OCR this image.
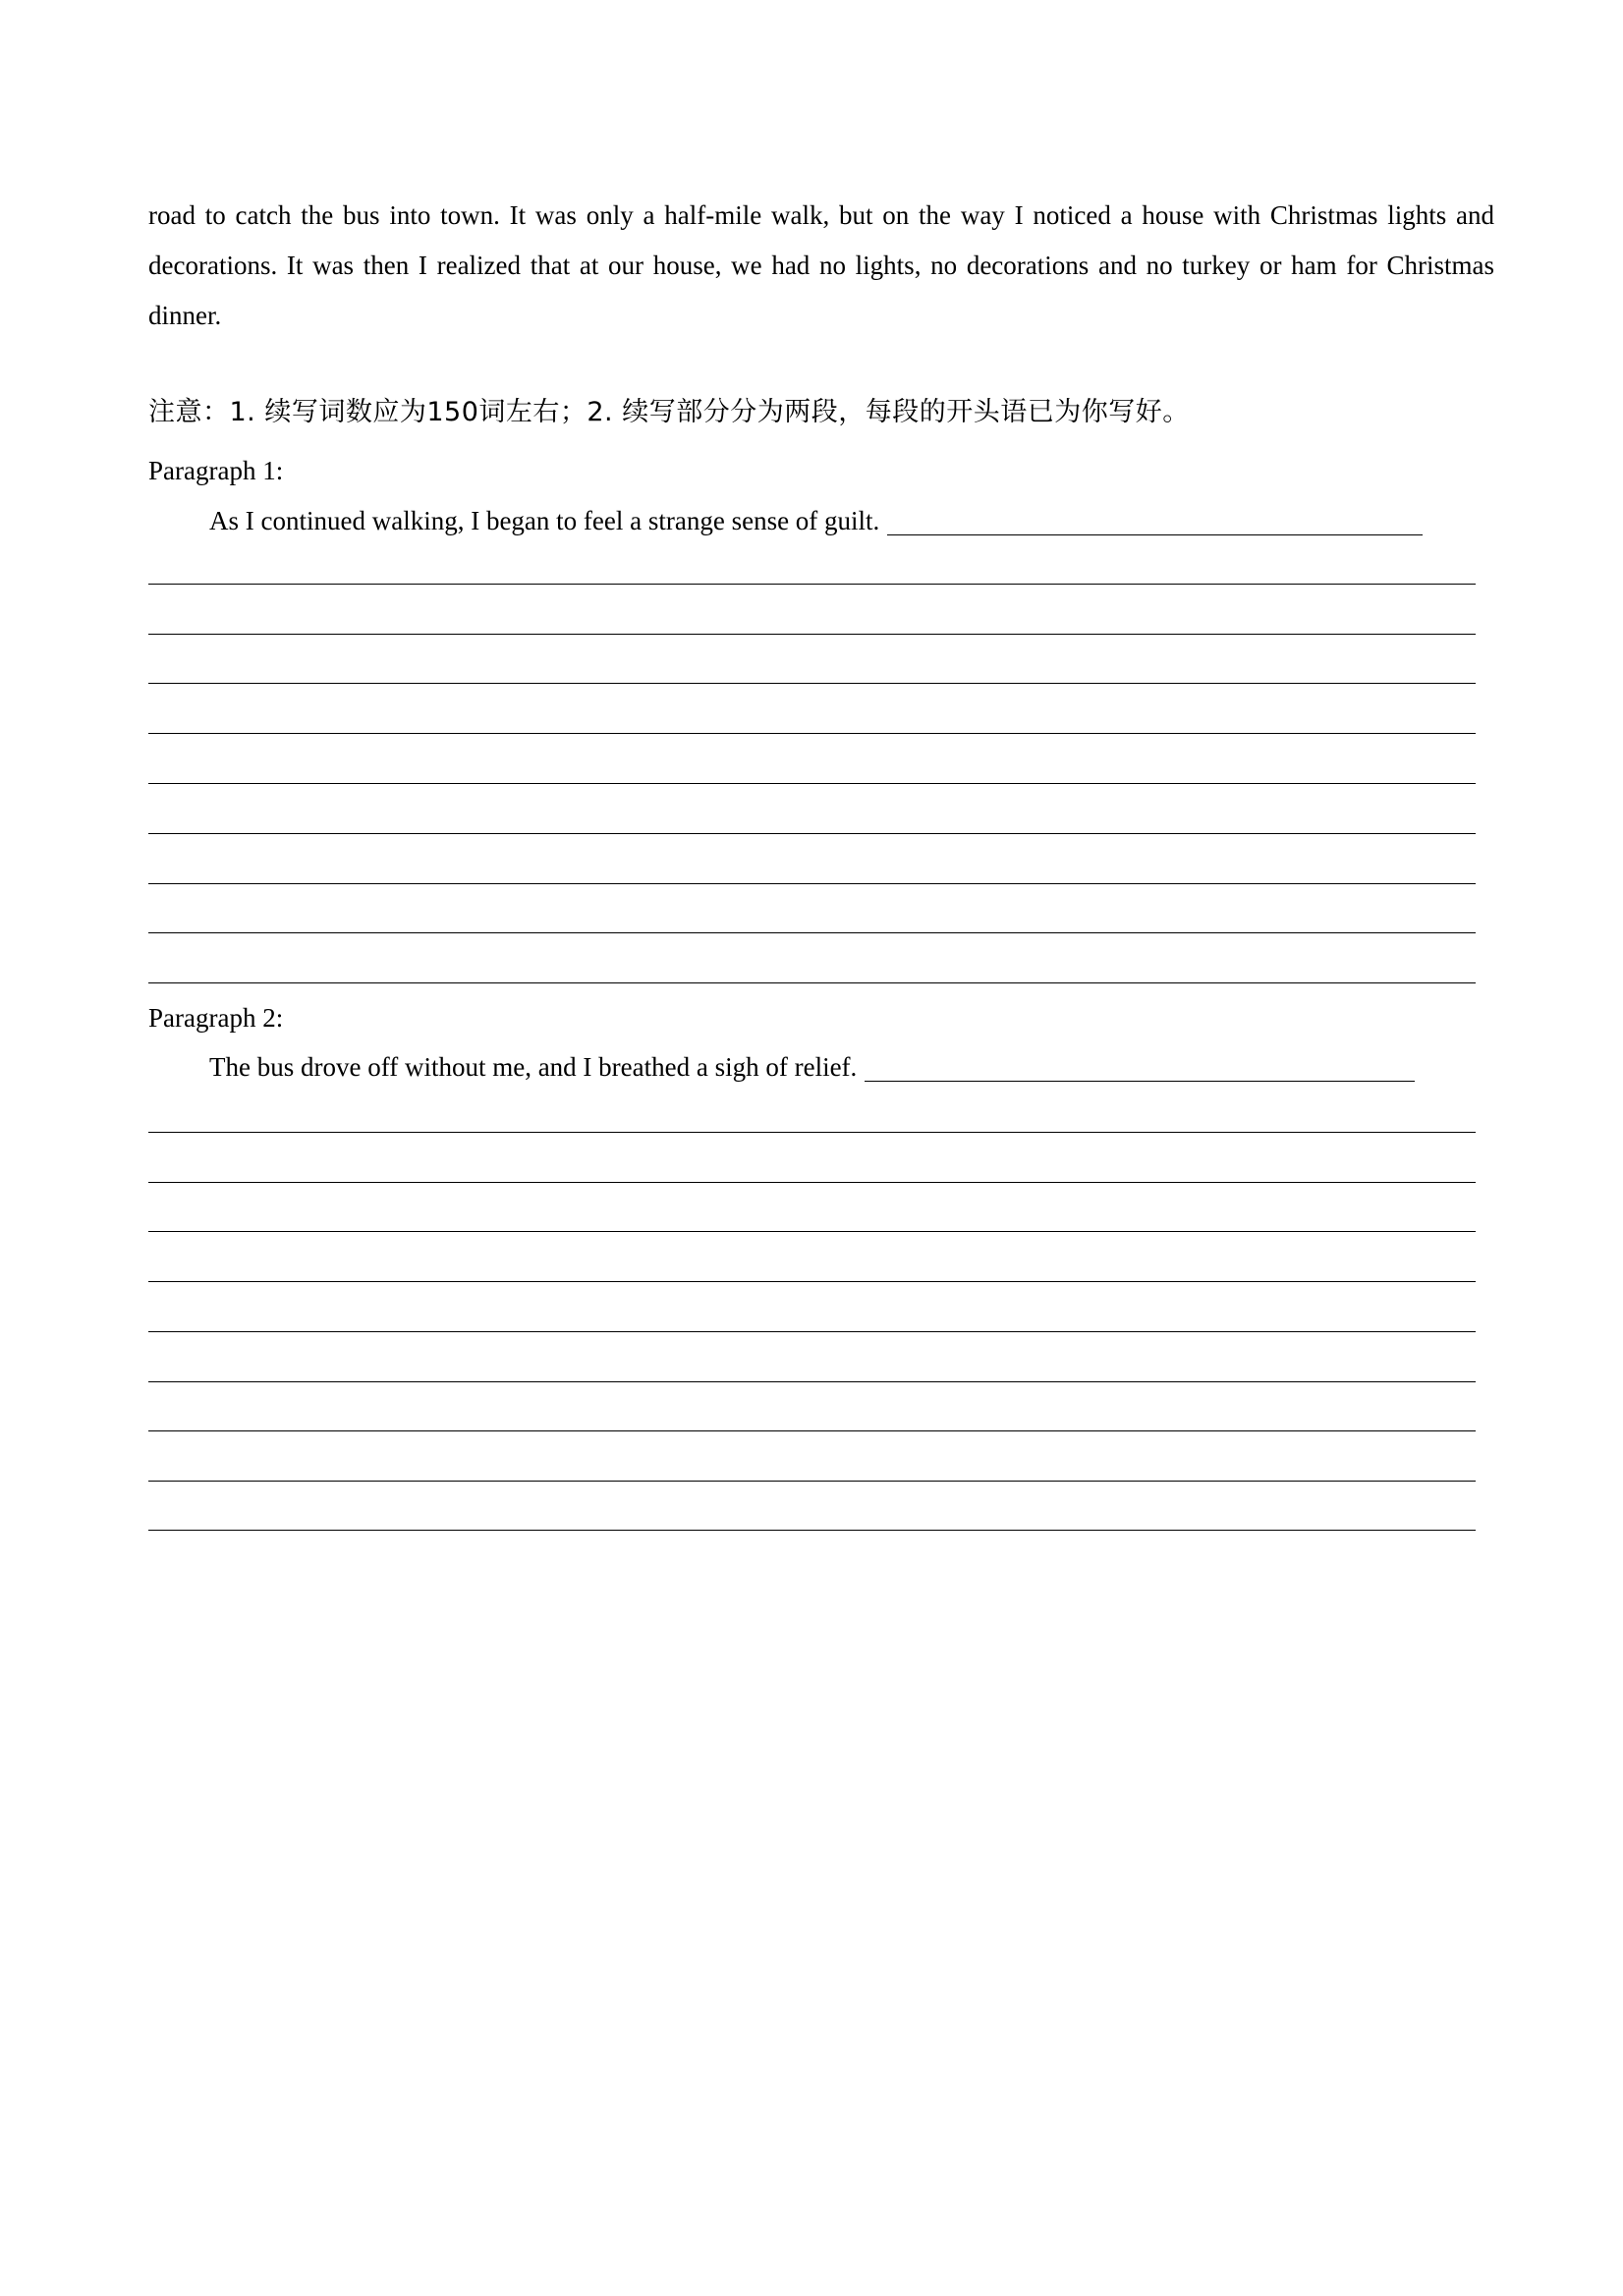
road to catch the bus into town. It was only a half-mile walk, but on the way I noticed a house with Christmas lights and decorations. It was then I realized that at our house, we had no lights, no decorations and no turkey or ham for Christmas dinner.

注意：1. 续写词数应为150词左右；2. 续写部分分为两段，每段的开头语已为你写好。
Paragraph 1:
As I continued walking, I began to feel a strange sense of guilt.
Paragraph 2:
The bus drove off without me, and I breathed a sigh of relief.
